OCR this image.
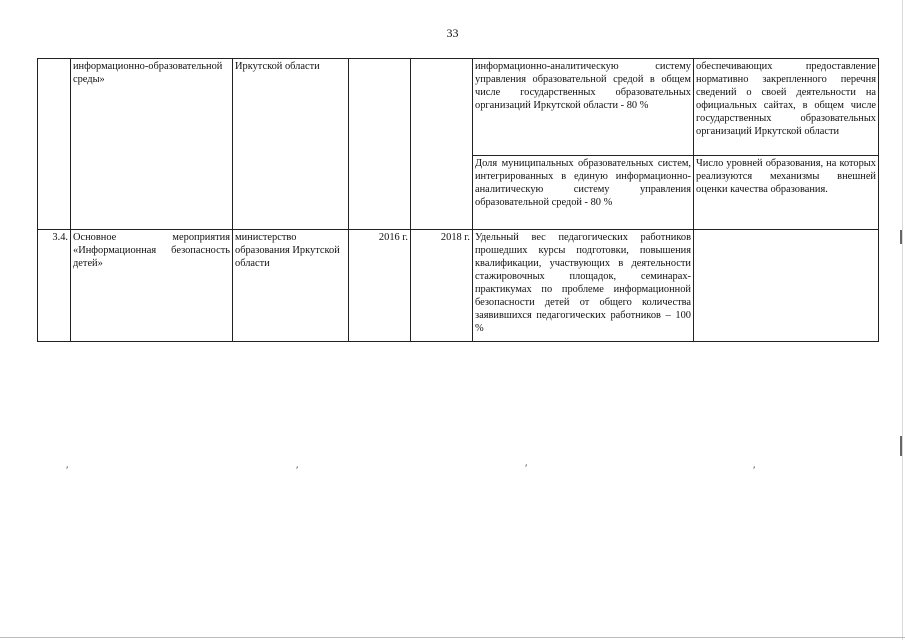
33
	информационно-образовательной среды»	Иркутской области			информационно-аналитическую систему управления образовательной средой в общем числе государственных образовательных организаций Иркутской области - 80 %	обеспечивающих предоставление нормативно закрепленного перечня сведений о своей деятельности на официальных сайтах, в общем числе государственных образовательных организаций Иркутской области
					Доля муниципальных образовательных систем, интегрированных в единую информационно-аналитическую систему управления образовательной средой - 80 %	Число уровней образования, на которых реализуются механизмы внешней оценки качества образования.
3.4.	Основное мероприятия «Информационная безопасность детей»	министерство образования Иркутской области	2016 г.	2018 г.	Удельный вес педагогических работников прошедших курсы подготовки, повышения квалификации, участвующих в деятельности стажировочных площадок, семинарах-практикумах по проблеме информационной безопасности детей от общего количества заявившихся педагогических работников – 100 %	
⸴	⸴	⸴	⸴
